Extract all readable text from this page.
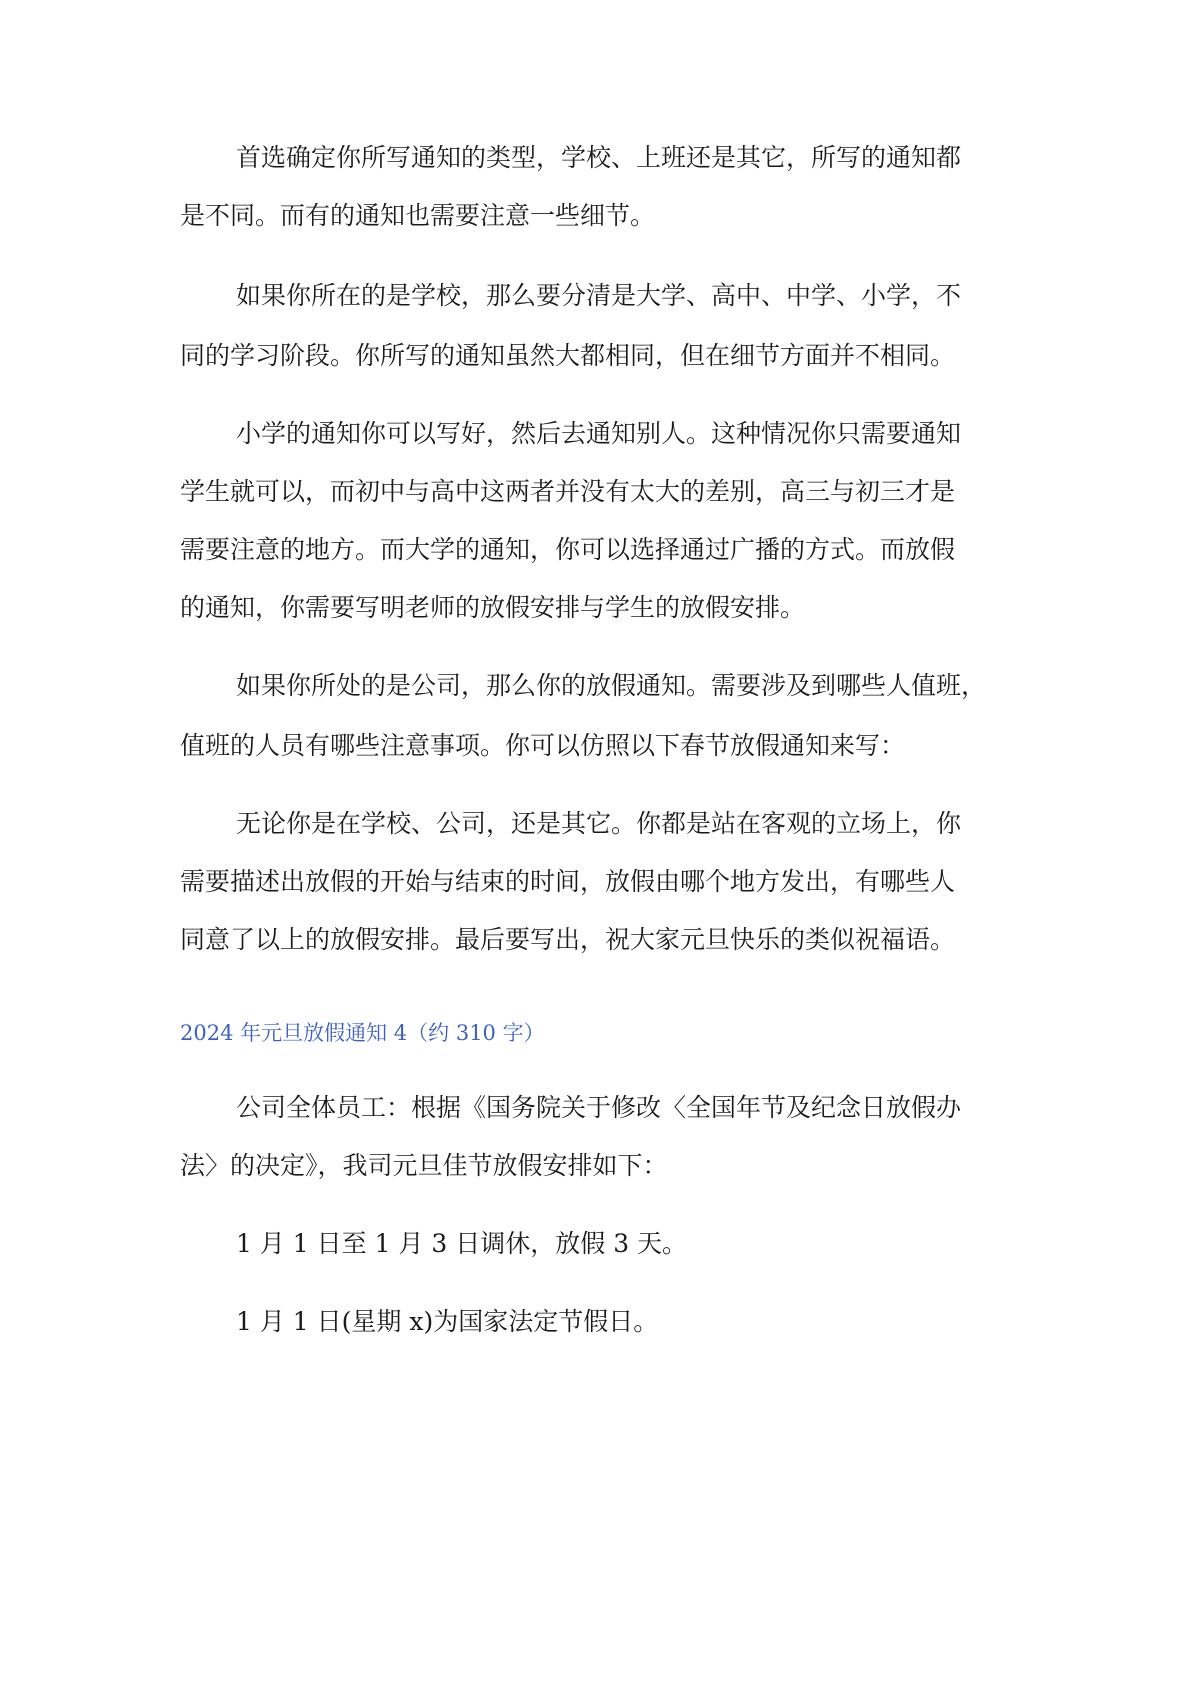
首选确定你所写通知的类型，学校、上班还是其它，所写的通知都

是不同。而有的通知也需要注意一些细节。

如果你所在的是学校，那么要分清是大学、高中、中学、小学，不

同的学习阶段。你所写的通知虽然大都相同，但在细节方面并不相同。

小学的通知你可以写好，然后去通知别人。这种情况你只需要通知

学生就可以，而初中与高中这两者并没有太大的差别，高三与初三才是

需要注意的地方。而大学的通知，你可以选择通过广播的方式。而放假

的通知，你需要写明老师的放假安排与学生的放假安排。

如果你所处的是公司，那么你的放假通知。需要涉及到哪些人值班，

值班的人员有哪些注意事项。你可以仿照以下春节放假通知来写：

无论你是在学校、公司，还是其它。你都是站在客观的立场上，你

需要描述出放假的开始与结束的时间，放假由哪个地方发出，有哪些人

同意了以上的放假安排。最后要写出，祝大家元旦快乐的类似祝福语。

2024 年元旦放假通知 4（约 310 字）

公司全体员工：根据《国务院关于修改〈全国年节及纪念日放假办

法〉的决定》，我司元旦佳节放假安排如下：

1 月 1 日至 1 月 3 日调休，放假 3 天。

1 月 1 日(星期 x)为国家法定节假日。
